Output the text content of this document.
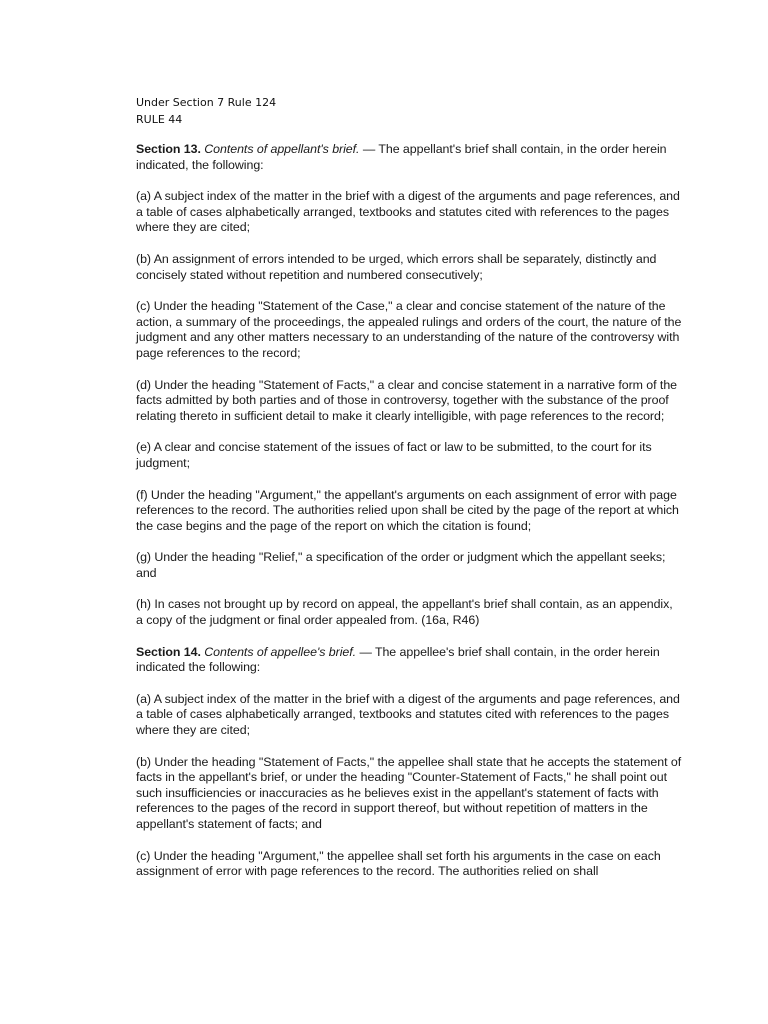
Under Section 7 Rule 124
RULE 44

Section 13. Contents of appellant's brief. — The appellant's brief shall contain, in the order herein indicated, the following:

(a) A subject index of the matter in the brief with a digest of the arguments and page references, and a table of cases alphabetically arranged, textbooks and statutes cited with references to the pages where they are cited;

(b) An assignment of errors intended to be urged, which errors shall be separately, distinctly and concisely stated without repetition and numbered consecutively;

(c) Under the heading "Statement of the Case," a clear and concise statement of the nature of the action, a summary of the proceedings, the appealed rulings and orders of the court, the nature of the judgment and any other matters necessary to an understanding of the nature of the controversy with page references to the record;

(d) Under the heading "Statement of Facts," a clear and concise statement in a narrative form of the facts admitted by both parties and of those in controversy, together with the substance of the proof relating thereto in sufficient detail to make it clearly intelligible, with page references to the record;

(e) A clear and concise statement of the issues of fact or law to be submitted, to the court for its judgment;

(f) Under the heading "Argument," the appellant's arguments on each assignment of error with page references to the record. The authorities relied upon shall be cited by the page of the report at which the case begins and the page of the report on which the citation is found;

(g) Under the heading "Relief," a specification of the order or judgment which the appellant seeks; and

(h) In cases not brought up by record on appeal, the appellant's brief shall contain, as an appendix, a copy of the judgment or final order appealed from. (16a, R46)

Section 14. Contents of appellee's brief. — The appellee's brief shall contain, in the order herein indicated the following:

(a) A subject index of the matter in the brief with a digest of the arguments and page references, and a table of cases alphabetically arranged, textbooks and statutes cited with references to the pages where they are cited;

(b) Under the heading "Statement of Facts," the appellee shall state that he accepts the statement of facts in the appellant's brief, or under the heading "Counter-Statement of Facts," he shall point out such insufficiencies or inaccuracies as he believes exist in the appellant's statement of facts with references to the pages of the record in support thereof, but without repetition of matters in the appellant's statement of facts; and

(c) Under the heading "Argument," the appellee shall set forth his arguments in the case on each assignment of error with page references to the record. The authorities relied on shall
